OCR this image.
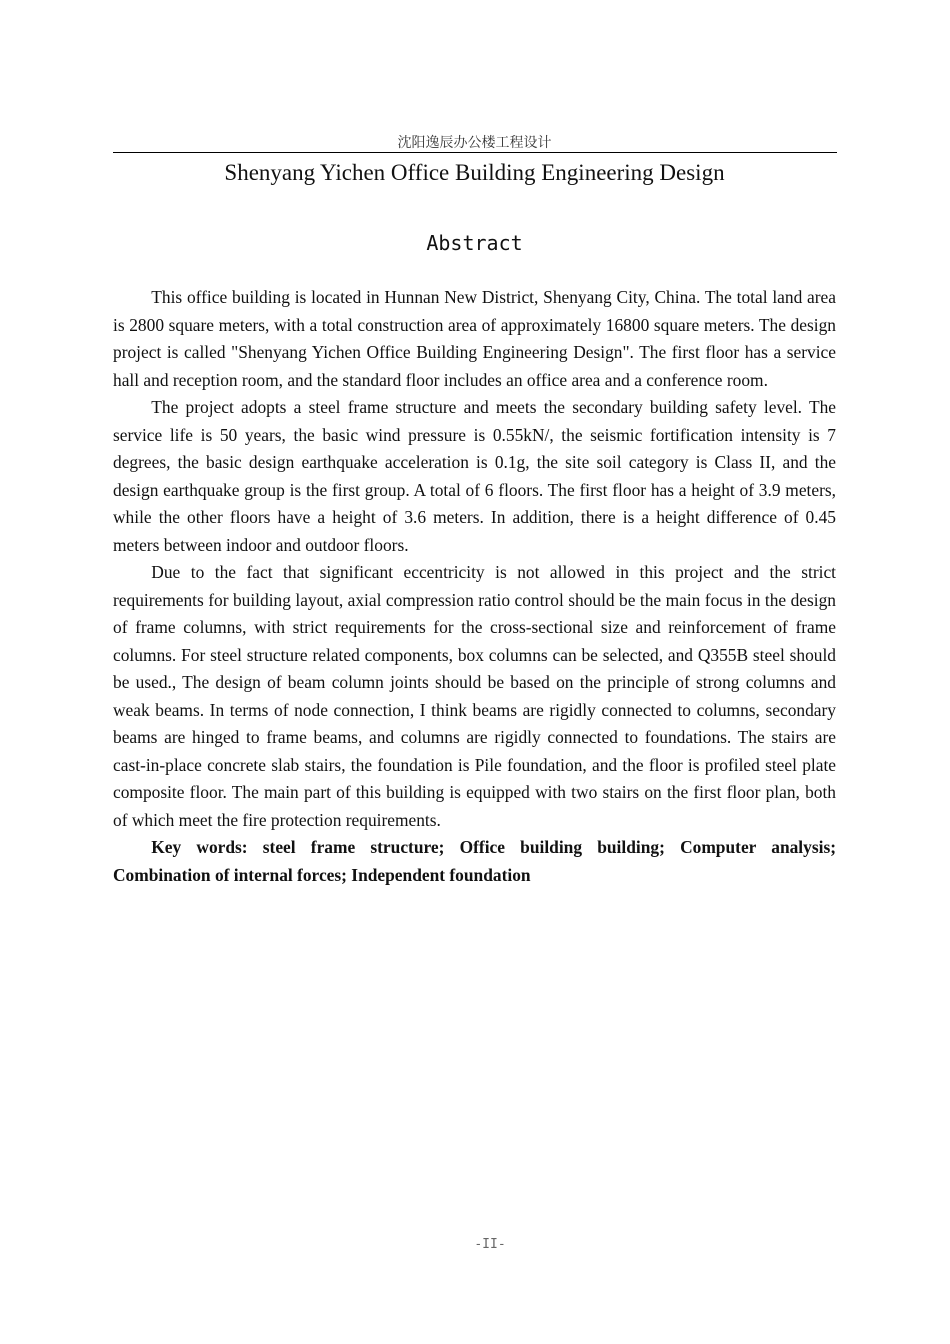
沈阳逸辰办公楼工程设计
Shenyang Yichen Office Building Engineering Design
Abstract

This office building is located in Hunnan New District, Shenyang City, China. The total land area is 2800 square meters, with a total construction area of approximately 16800 square meters. The design project is called "Shenyang Yichen Office Building Engineering Design". The first floor has a service hall and reception room, and the standard floor includes an office area and a conference room.

The project adopts a steel frame structure and meets the secondary building safety level. The service life is 50 years, the basic wind pressure is 0.55kN/, the seismic fortification intensity is 7 degrees, the basic design earthquake acceleration is 0.1g, the site soil category is Class II, and the design earthquake group is the first group. A total of 6 floors. The first floor has a height of 3.9 meters, while the other floors have a height of 3.6 meters. In addition, there is a height difference of 0.45 meters between indoor and outdoor floors.

Due to the fact that significant eccentricity is not allowed in this project and the strict requirements for building layout, axial compression ratio control should be the main focus in the design of frame columns, with strict requirements for the cross-sectional size and reinforcement of frame columns. For steel structure related components, box columns can be selected, and Q355B steel should be used., The design of beam column joints should be based on the principle of strong columns and weak beams. In terms of node connection, I think beams are rigidly connected to columns, secondary beams are hinged to frame beams, and columns are rigidly connected to foundations. The stairs are cast-in-place concrete slab stairs, the foundation is Pile foundation, and the floor is profiled steel plate composite floor. The main part of this building is equipped with two stairs on the first floor plan, both of which meet the fire protection requirements.

Key words: steel frame structure; Office building building; Computer analysis; Combination of internal forces; Independent foundation

-II-
